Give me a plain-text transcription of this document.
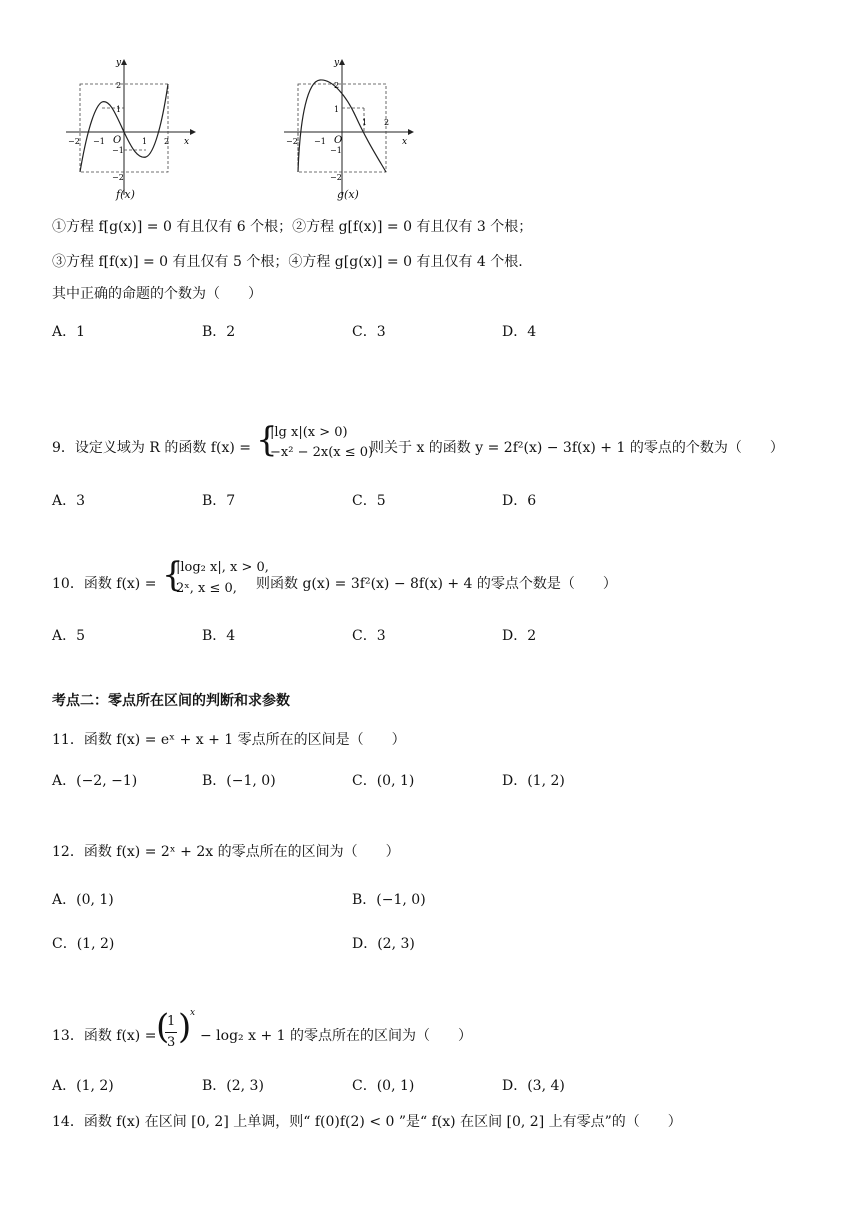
y
x
O
−2 −1	1 2
2
1
−1
−2
f(x)
y
x
O
−2 −1
1 2
2
1
−1
−2
g(x)
①方程 f[g(x)] = 0 有且仅有 6 个根；②方程 g[f(x)] = 0 有且仅有 3 个根；
③方程 f[f(x)] = 0 有且仅有 5 个根；④方程 g[g(x)] = 0 有且仅有 4 个根.
其中正确的命题的个数为（　　）
A．1	B．2	C．3	D．4
9．设定义域为 R 的函数 f(x) = {
|lg x|(x > 0)
−x² − 2x(x ≤ 0)
则关于 x 的函数 y = 2f²(x) − 3f(x) + 1 的零点的个数为（　　）
A．3	B．7	C．5	D．6
10．函数 f(x) = {
|log₂ x|, x > 0,
2ˣ, x ≤ 0, 则函数 g(x) = 3f²(x) − 8f(x) + 4 的零点个数是（　　）
A．5	B．4	C．3	D．2
考点二：零点所在区间的判断和求参数
11．函数 f(x) = eˣ + x + 1 零点所在的区间是（　　）
A．(−2, −1)	B．(−1, 0)	C．(0, 1)	D．(1, 2)
12．函数 f(x) = 2ˣ + 2x 的零点所在的区间为（　　）
A．(0, 1)	B．(−1, 0)
C．(1, 2)	D．(2, 3)
13．函数 f(x) = (
1
3 )
x
− log₂ x + 1 的零点所在的区间为（　　）
A．(1, 2)	B．(2, 3)	C．(0, 1)	D．(3, 4)
14．函数 f(x) 在区间 [0, 2] 上单调，则“ f(0)f(2) < 0 ”是“ f(x) 在区间 [0, 2] 上有零点”的（　　）
